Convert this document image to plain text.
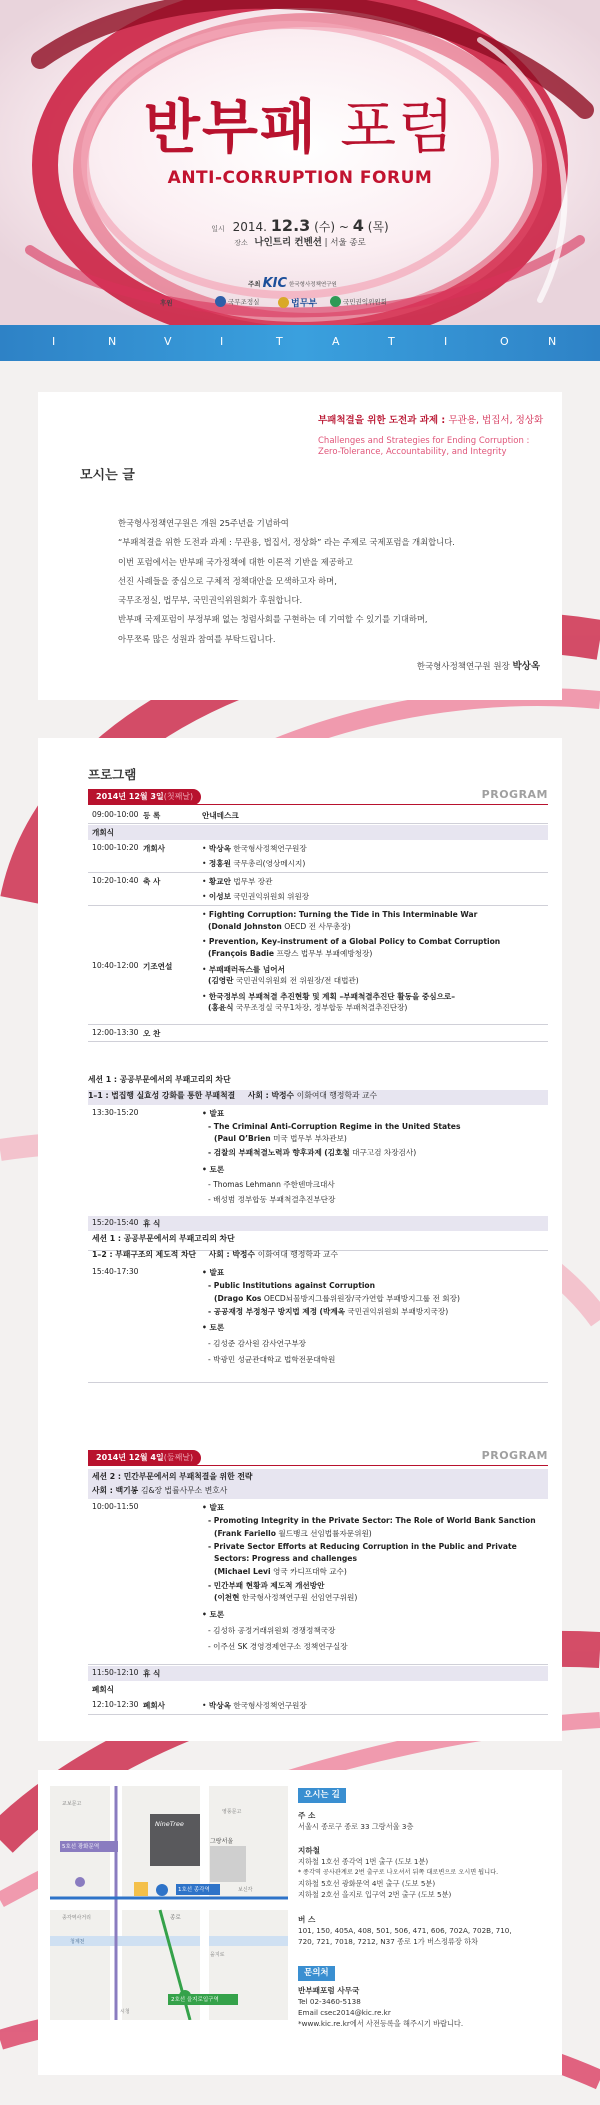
반부패 포럼
ANTI-CORRUPTION FORUM
일시 2014. 12.3 (수) ~ 4 (목)
장소 나인트리 컨벤션 | 서울 종로
주최 KIC 한국형사정책연구원
후원	국무조정실	법무부	국민권익위원회
I	N	V	I	T	A	T	I	O	N
부패척결을 위한 도전과 과제 : 무관용, 법집서, 정상화
Challenges and Strategies for Ending Corruption :
Zero-Tolerance, Accountability, and Integrity
모시는 글
한국형사정책연구원은 개원 25주년을 기념하여
“부패척결을 위한 도전과 과제 : 무관용, 법집서, 정상화” 라는 주제로 국제포럼을 개최합니다.
이번 포럼에서는 반부패 국가정책에 대한 이론적 기반을 제공하고
선진 사례들을 중심으로 구체적 정책대안을 모색하고자 하며,
국무조정실, 법무부, 국민권익위원회가 후원합니다.
반부패 국제포럼이 부정부패 없는 청렴사회를 구현하는 데 기여할 수 있기를 기대하며,
아무쪼록 많은 성원과 참여를 부탁드립니다.
한국형사정책연구원 원장 박상옥
프로그램
2014년 12월 3일(첫째날)	PROGRAM
09:00-10:00 등 록	안내데스크
개회식
10:00-10:20 개회사	• 박상옥 한국형사정책연구원장
• 정홍원 국무총리(영상메시지)
10:20-10:40 축 사	• 황교안 법무부 장관
• 이성보 국민권익위원회 위원장
10:40-12:00 기조연설
• Fighting Corruption: Turning the Tide in This Interminable War
(Donald Johnston OECD 전 사무총장)
• Prevention, Key-instrument of a Global Policy to Combat Corruption
(François Badie 프랑스 법무부 부패예방청장)
• 부패패러독스를 넘어서
(김영란 국민권익위원회 전 위원장/전 대법관)
• 한국정부의 부패척결 추진현황 및 계획 –부패척결추진단 활동을 중심으로–
(홍윤식 국무조정실 국무1차장, 정부합동 부패척결추진단장)
12:00-13:30 오 찬
세션 1 : 공공부문에서의 부패고리의 차단
1–1 : 법집행 실효성 강화를 통한 부패척결 사회 : 박정수 이화여대 행정학과 교수
13:30-15:20	• 발표
- The Criminal Anti-Corruption Regime in the United States
(Paul O’Brien 미국 법무부 부차관보)
- 검찰의 부패척결노력과 향후과제 (김호철 대구고검 차장검사)
• 토론
- Thomas Lehmann 주한덴마크대사
- 배성범 정부합동 부패척결추진부단장
15:20-15:40 휴 식
세션 1 : 공공부문에서의 부패고리의 차단
1–2 : 부패구조의 제도적 차단 사회 : 박정수 이화여대 행정학과 교수
15:40-17:30	• 발표
- Public Institutions against Corruption
(Drago Kos OECD뇌물방지그룹위원장/국가연합 부패방지그룹 전 회장)
- 공공재정 부정청구 방지법 제정 (박계옥 국민권익위원회 부패방지국장)
• 토론
- 김성준 감사원 감사연구부장
- 박광민 성균관대학교 법학전문대학원
2014년 12월 4일(둘째날)	PROGRAM
세션 2 : 민간부문에서의 부패척결을 위한 전략
사회 : 백기봉 김&장 법률사무소 변호사
10:00-11:50	• 발표
- Promoting Integrity in the Private Sector: The Role of World Bank Sanction
(Frank Fariello 월드뱅크 선임법률자문위원)
- Private Sector Efforts at Reducing Corruption in the Public and Private
Sectors: Progress and challenges
(Michael Levi 영국 카디프대학 교수)
- 민간부패 현황과 제도적 개선방안
(이천현 한국형사정책연구원 선임연구위원)
• 토론
- 김성하 공정거래위원회 경쟁정책국장
- 이주선 SK 경영경제연구소 정책연구실장
11:50-12:10 휴 식
폐회식
12:10-12:30 폐회사	• 박상옥 한국형사정책연구원장
5호선 광화문역
그랑서울
NineTree
1호선 종각역
2호선 을지로입구역
종로
보신각
을지로
청계천
교보문고
영풍문고
종각역사거리
시청
오시는 길
주 소
서울시 종로구 종로 33 그랑서울 3층
지하철
지하철 1호선 종각역 1번 출구 (도보 1분)
* 종각역 공사관계로 2번 출구로 나오셔서 뒤쪽 대로변으로 오시면 됩니다.
지하철 5호선 광화문역 4번 출구 (도보 5분)
지하철 2호선 을지로 입구역 2번 출구 (도보 5분)
버 스
101, 150, 405A, 408, 501, 506, 471, 606, 702A, 702B, 710,
720, 721, 7018, 7212, N37 종로 1가 버스정류장 하차
문의처
반부패포럼 사무국
Tel 02-3460-5138
Email csec2014@kic.re.kr
*www.kic.re.kr에서 사전등록을 해주시기 바랍니다.
